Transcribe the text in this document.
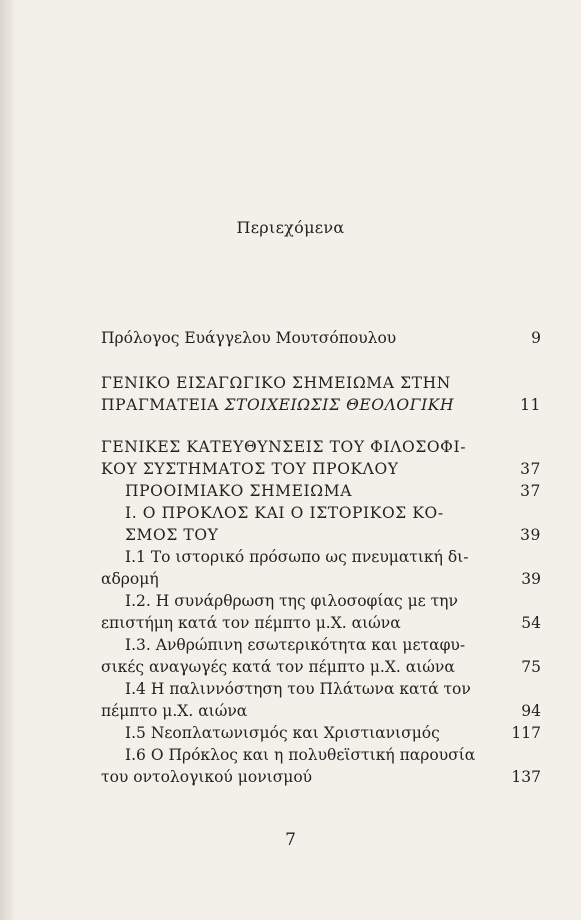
Περιεχόμενα
Πρόλογος Ευάγγελου Μουτσόπουλου	9
ΓΕΝΙΚΟ ΕΙΣΑΓΩΓΙΚΟ ΣΗΜΕΙΩΜΑ ΣΤΗΝ
ΠΡΑΓΜΑΤΕΙΑ ΣΤΟΙΧΕΙΩΣΙΣ ΘΕΟΛΟΓΙΚΗ	11
ΓΕΝΙΚΕΣ ΚΑΤΕΥΘΥΝΣΕΙΣ ΤΟΥ ΦΙΛΟΣΟΦΙ-
ΚΟΥ ΣΥΣΤΗΜΑΤΟΣ ΤΟΥ ΠΡΟΚΛΟΥ	37
ΠΡΟΟΙΜΙΑΚΟ ΣΗΜΕΙΩΜΑ	37
Ι. Ο ΠΡΟΚΛΟΣ ΚΑΙ Ο ΙΣΤΟΡΙΚΟΣ ΚΟ-
ΣΜΟΣ ΤΟΥ	39
Ι.1 Το ιστορικό πρόσωπο ως πνευματική δι-
αδρομή	39
Ι.2. Η συνάρθρωση της φιλοσοφίας με την
επιστήμη κατά τον πέμπτο μ.Χ. αιώνα	54
Ι.3. Ανθρώπινη εσωτερικότητα και μεταφυ-
σικές αναγωγές κατά τον πέμπτο μ.Χ. αιώνα	75
Ι.4 Η παλιννόστηση του Πλάτωνα κατά τον
πέμπτο μ.Χ. αιώνα	94
Ι.5 Νεοπλατωνισμός και Χριστιανισμός	117
Ι.6 Ο Πρόκλος και η πολυθεϊστική παρουσία
του οντολογικού μονισμού	137
7
